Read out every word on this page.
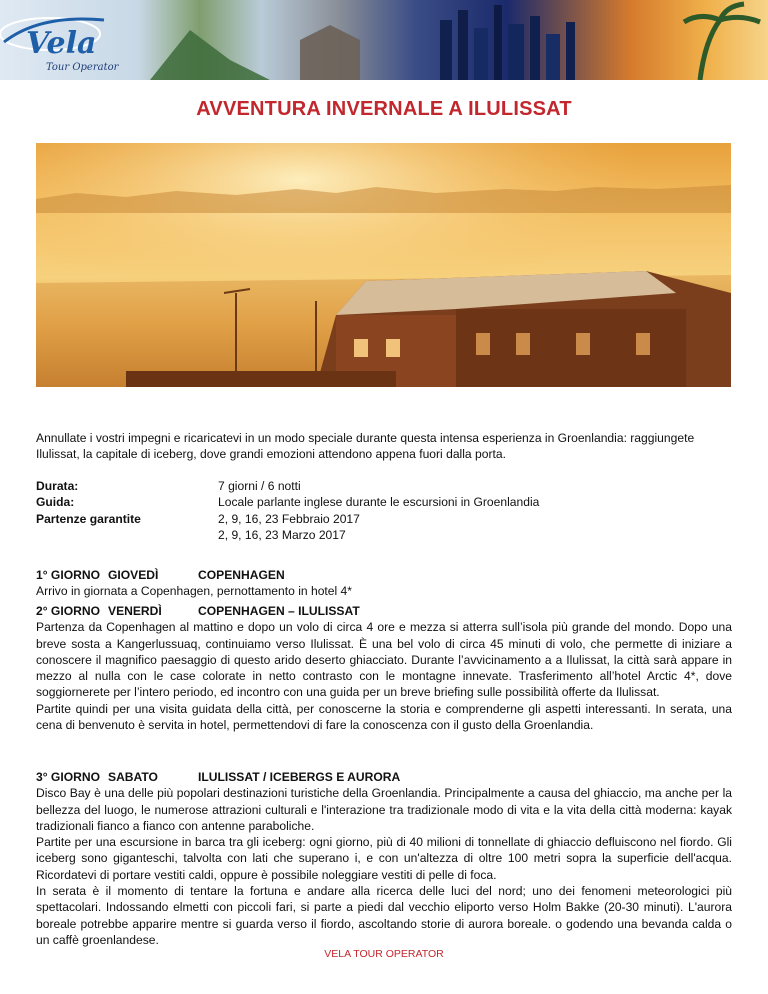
Vela
Tour Operator
AVVENTURA INVERNALE A ILULISSAT
Annullate i vostri impegni e ricaricatevi in un modo speciale durante questa intensa esperienza in Groenlandia: raggiungete Ilulissat, la capitale di iceberg, dove grandi emozioni attendono appena fuori dalla porta.
Durata:	7 giorni / 6 notti
Guida:	Locale parlante inglese durante le escursioni in Groenlandia
Partenze garantite	2, 9, 16, 23 Febbraio 2017
2, 9, 16, 23 Marzo 2017
1° GIORNO GIOVEDÌ	COPENHAGEN

Arrivo in giornata a Copenhagen, pernottamento in hotel 4*

2° GIORNO VENERDÌ	COPENHAGEN – ILULISSAT

Partenza da Copenhagen al mattino e dopo un volo di circa 4 ore e mezza si atterra sull’isola più grande del mondo. Dopo una breve sosta a Kangerlussuaq, continuiamo verso Ilulissat. È una bel volo di circa 45 minuti di volo, che permette di iniziare a conoscere il magnifico paesaggio di questo arido deserto ghiacciato. Durante l’avvicinamento a a Ilulissat, la città sarà appare in mezzo al nulla con le case colorate in netto contrasto con le montagne innevate. Trasferimento all’hotel Arctic 4*, dove soggiornerete per l’intero periodo, ed incontro con una guida per un breve briefing sulle possibilità offerte da Ilulissat.

Partite quindi per una visita guidata della città, per conoscerne la storia e comprenderne gli aspetti interessanti. In serata, una cena di benvenuto è servita in hotel, permettendovi di fare la conoscenza con il gusto della Groenlandia.

3° GIORNO SABATO	ILULISSAT / ICEBERGS E AURORA

Disco Bay è una delle più popolari destinazioni turistiche della Groenlandia. Principalmente a causa del ghiaccio, ma anche per la bellezza del luogo, le numerose attrazioni culturali e l'interazione tra tradizionale modo di vita e la vita della città moderna: kayak tradizionali fianco a fianco con antenne paraboliche.

Partite per una escursione in barca tra gli iceberg: ogni giorno, più di 40 milioni di tonnellate di ghiaccio defluiscono nel fiordo. Gli iceberg sono giganteschi, talvolta con lati che superano i, e con un'altezza di oltre 100 metri sopra la superficie dell'acqua. Ricordatevi di portare vestiti caldi, oppure è possibile noleggiare vestiti di pelle di foca.

In serata è il momento di tentare la fortuna e andare alla ricerca delle luci del nord; uno dei fenomeni meteorologici più spettacolari. Indossando elmetti con piccoli fari, si parte a piedi dal vecchio eliporto verso Holm Bakke (20-30 minuti). L'aurora boreale potrebbe apparire mentre si guarda verso il fiordo, ascoltando storie di aurora boreale. o godendo una bevanda calda o un caffè groenlandese.

VELA TOUR OPERATOR
